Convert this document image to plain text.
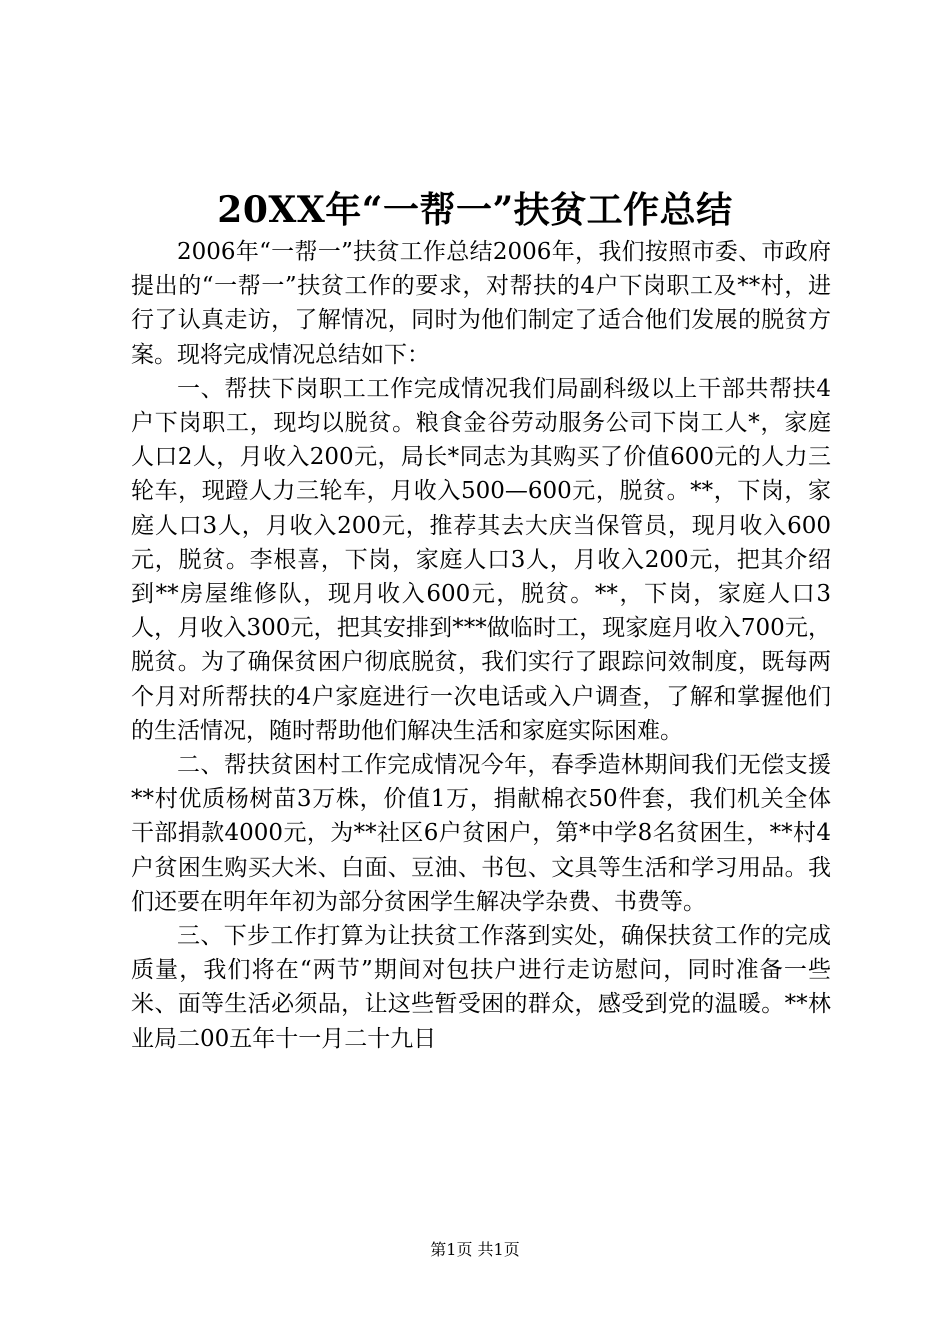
20XX年“一帮一”扶贫工作总结

2006年“一帮一”扶贫工作总结2006年，我们按照市委、市政府提出的“一帮一”扶贫工作的要求，对帮扶的4户下岗职工及**村，进行了认真走访，了解情况，同时为他们制定了适合他们发展的脱贫方案。现将完成情况总结如下：

一、帮扶下岗职工工作完成情况我们局副科级以上干部共帮扶4户下岗职工，现均以脱贫。粮食金谷劳动服务公司下岗工人*，家庭人口2人，月收入200元，局长*同志为其购买了价值600元的人力三轮车，现蹬人力三轮车，月收入500—600元，脱贫。**，下岗，家庭人口3人，月收入200元，推荐其去大庆当保管员，现月收入600元，脱贫。李根喜，下岗，家庭人口3人，月收入200元，把其介绍到**房屋维修队，现月收入600元，脱贫。**，下岗，家庭人口3人，月收入300元，把其安排到***做临时工，现家庭月收入700元，脱贫。为了确保贫困户彻底脱贫，我们实行了跟踪问效制度，既每两个月对所帮扶的4户家庭进行一次电话或入户调查，了解和掌握他们的生活情况，随时帮助他们解决生活和家庭实际困难。

二、帮扶贫困村工作完成情况今年，春季造林期间我们无偿支援**村优质杨树苗3万株，价值1万，捐献棉衣50件套，我们机关全体干部捐款4000元，为**社区6户贫困户，第*中学8名贫困生，**村4户贫困生购买大米、白面、豆油、书包、文具等生活和学习用品。我们还要在明年年初为部分贫困学生解决学杂费、书费等。

三、下步工作打算为让扶贫工作落到实处，确保扶贫工作的完成质量，我们将在“两节”期间对包扶户进行走访慰问，同时准备一些米、面等生活必须品，让这些暂受困的群众，感受到党的温暖。**林业局二00五年十一月二十九日

第1页 共1页
